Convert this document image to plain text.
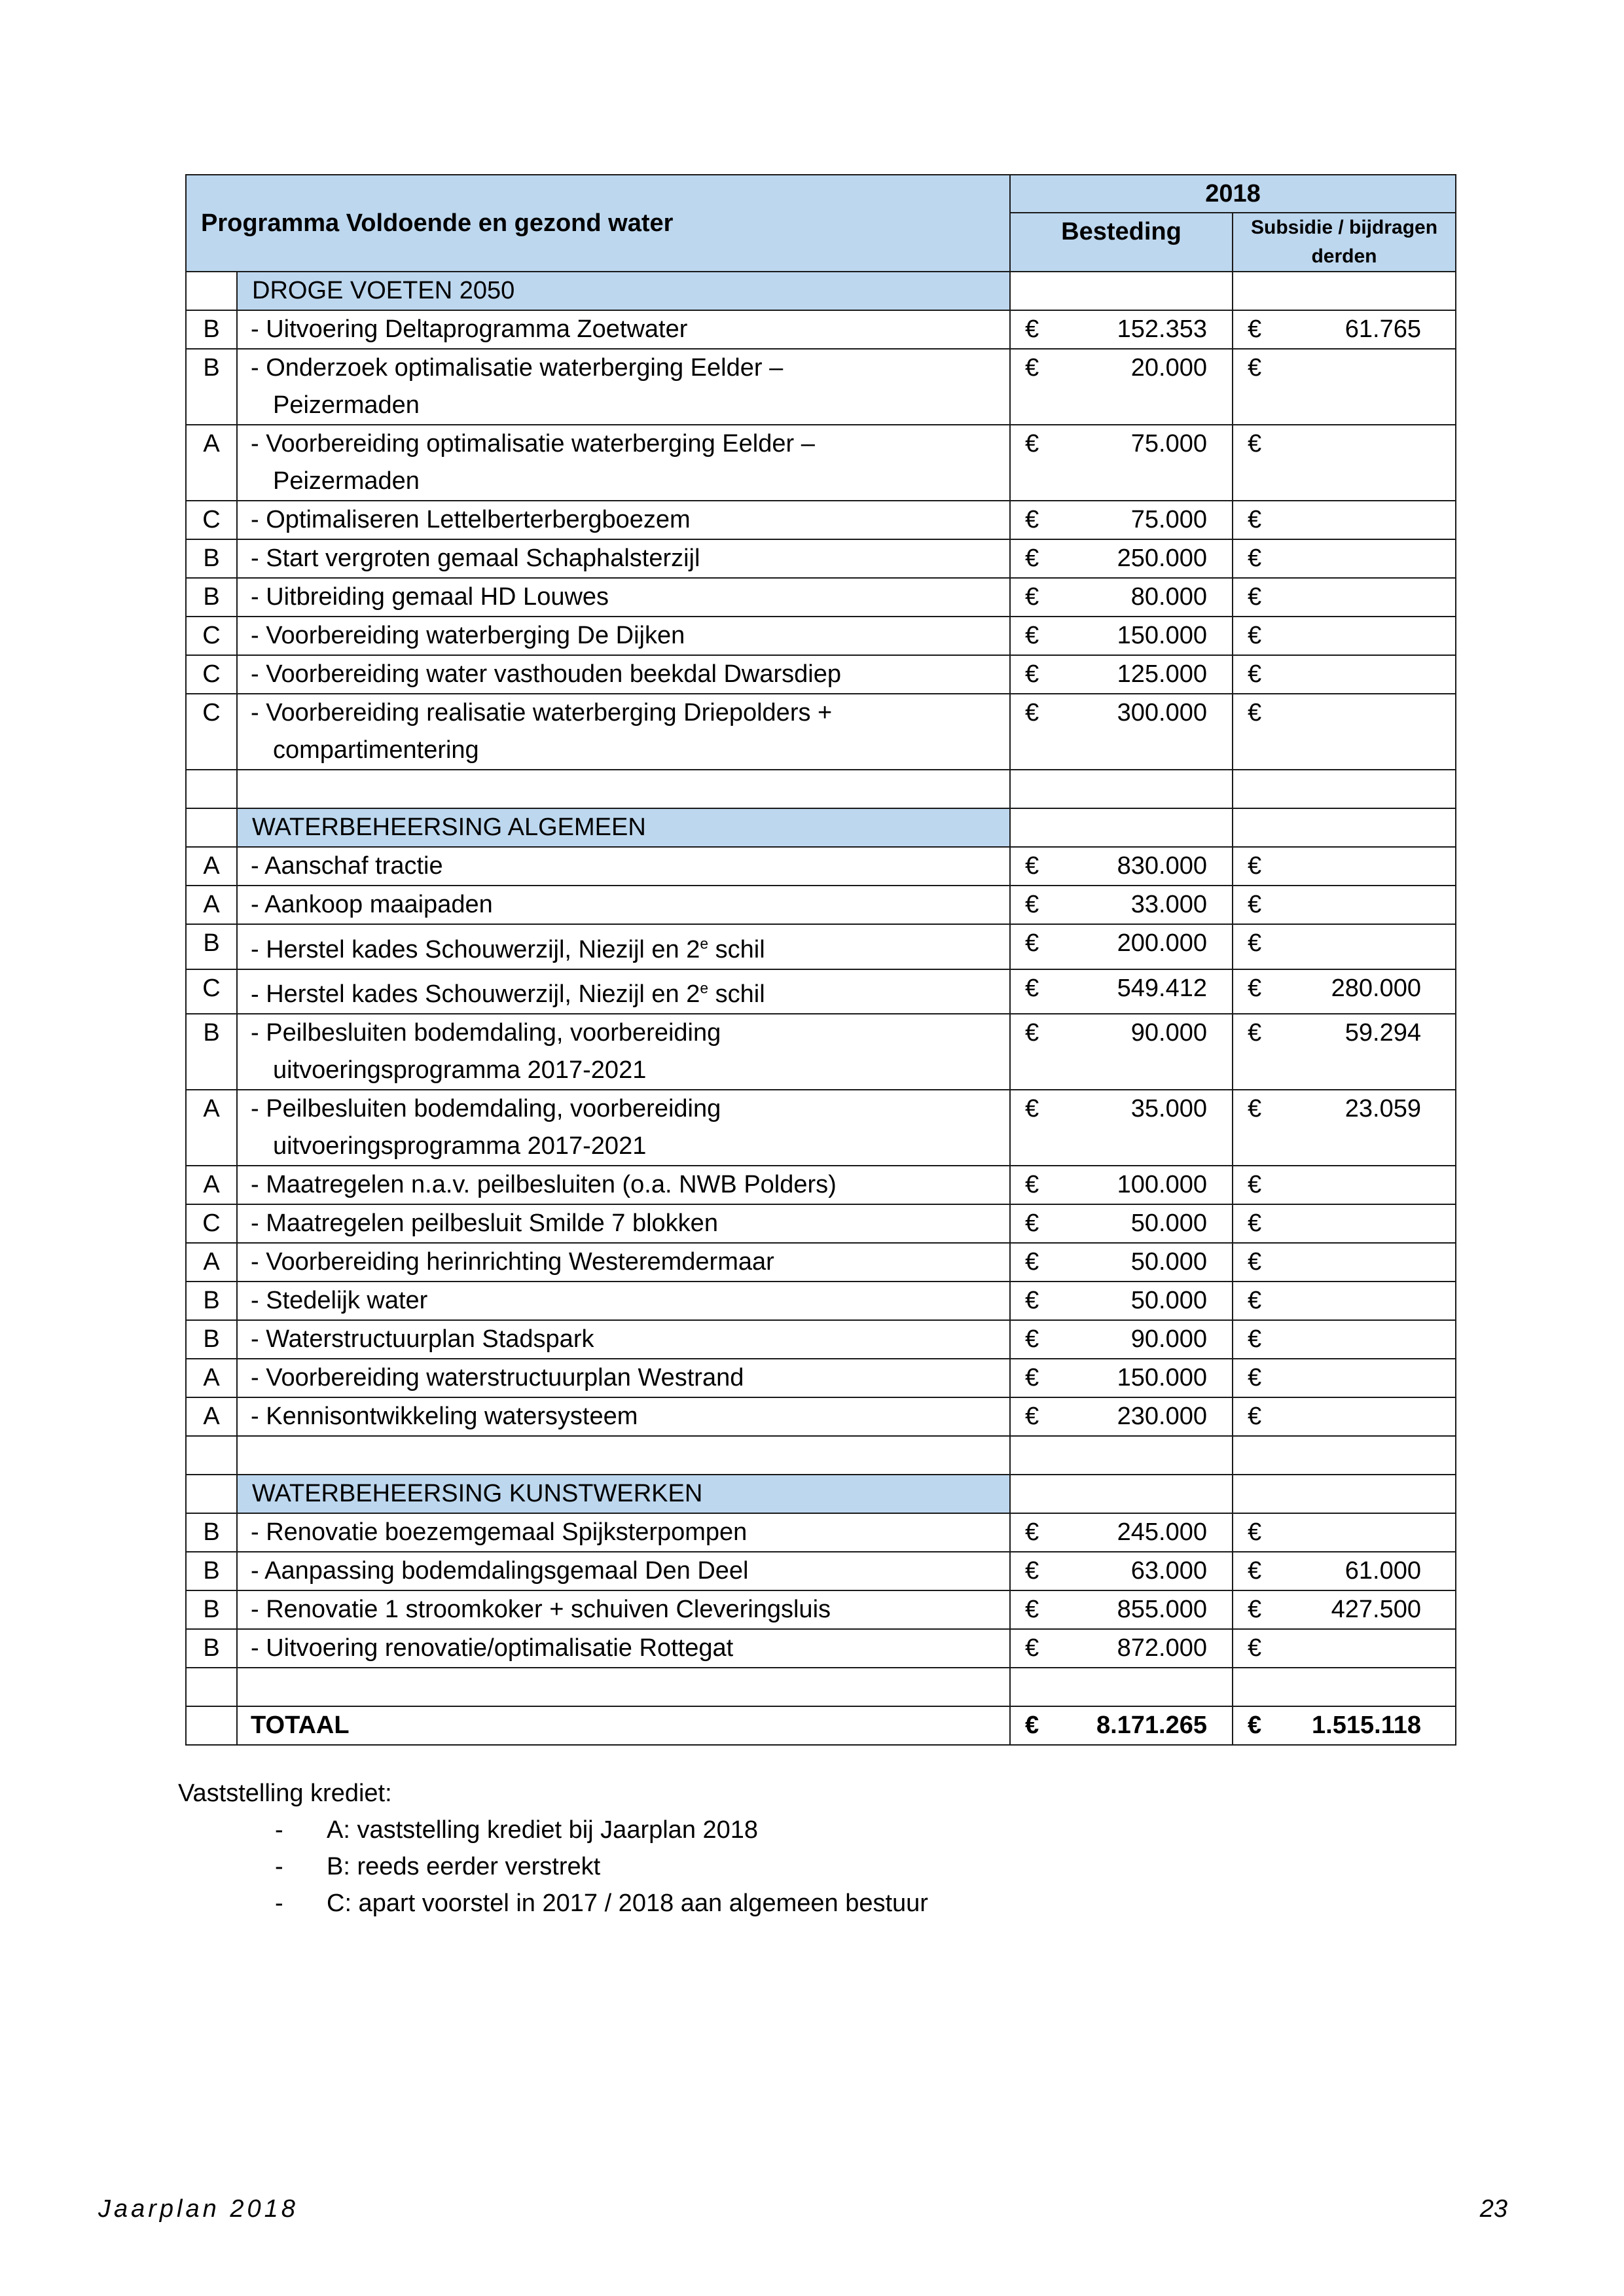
Programma Voldoende en gezond water		2018	
		Besteding	Subsidie / bijdragen derden
	DROGE VOETEN 2050		
B	- Uitvoering Deltaprogramma Zoetwater	€ 152.353	€ 61.765

B	- Onderzoek optimalisatie waterberging Eelder –
Peizermaden	€ 20.000	€

A	- Voorbereiding optimalisatie waterberging Eelder –
Peizermaden	€ 75.000	€

C	- Optimaliseren Lettelberterbergboezem	€ 75.000	€

B	- Start vergroten gemaal Schaphalsterzijl	€ 250.000	€

B	- Uitbreiding gemaal HD Louwes	€ 80.000	€

C	- Voorbereiding waterberging De Dijken	€ 150.000	€

C	- Voorbereiding water vasthouden beekdal Dwarsdiep	€ 125.000	€

C	- Voorbereiding realisatie waterberging Driepolders +
compartimentering	€ 300.000	€

	WATERBEHEERSING ALGEMEEN		
A	- Aanschaf tractie	€ 830.000	€

A	- Aankoop maaipaden	€ 33.000	€

B	- Herstel kades Schouwerzijl, Niezijl en 2e schil	€ 200.000	€

C	- Herstel kades Schouwerzijl, Niezijl en 2e schil	€ 549.412	€ 280.000

B	- Peilbesluiten bodemdaling, voorbereiding
uitvoeringsprogramma 2017-2021	€ 90.000	€ 59.294

A	- Peilbesluiten bodemdaling, voorbereiding
uitvoeringsprogramma 2017-2021	€ 35.000	€ 23.059

A	- Maatregelen n.a.v. peilbesluiten (o.a. NWB Polders)	€ 100.000	€

C	- Maatregelen peilbesluit Smilde 7 blokken	€ 50.000	€

A	- Voorbereiding herinrichting Westeremdermaar	€ 50.000	€

B	- Stedelijk water	€ 50.000	€

B	- Waterstructuurplan Stadspark	€ 90.000	€

A	- Voorbereiding waterstructuurplan Westrand	€ 150.000	€

A	- Kennisontwikkeling watersysteem	€ 230.000	€

	WATERBEHEERSING KUNSTWERKEN		
B	- Renovatie boezemgemaal Spijksterpompen	€ 245.000	€

B	- Aanpassing bodemdalingsgemaal Den Deel	€ 63.000	€ 61.000

B	- Renovatie 1 stroomkoker + schuiven Cleveringsluis	€ 855.000	€ 427.500

B	- Uitvoering renovatie/optimalisatie Rottegat	€ 872.000	€

	TOTAAL	€ 8.171.265	€ 1.515.118
Vaststelling krediet:
- A: vaststelling krediet bij Jaarplan 2018
- B: reeds eerder verstrekt
- C: apart voorstel in 2017 / 2018 aan algemeen bestuur
Jaarplan 2018	23
